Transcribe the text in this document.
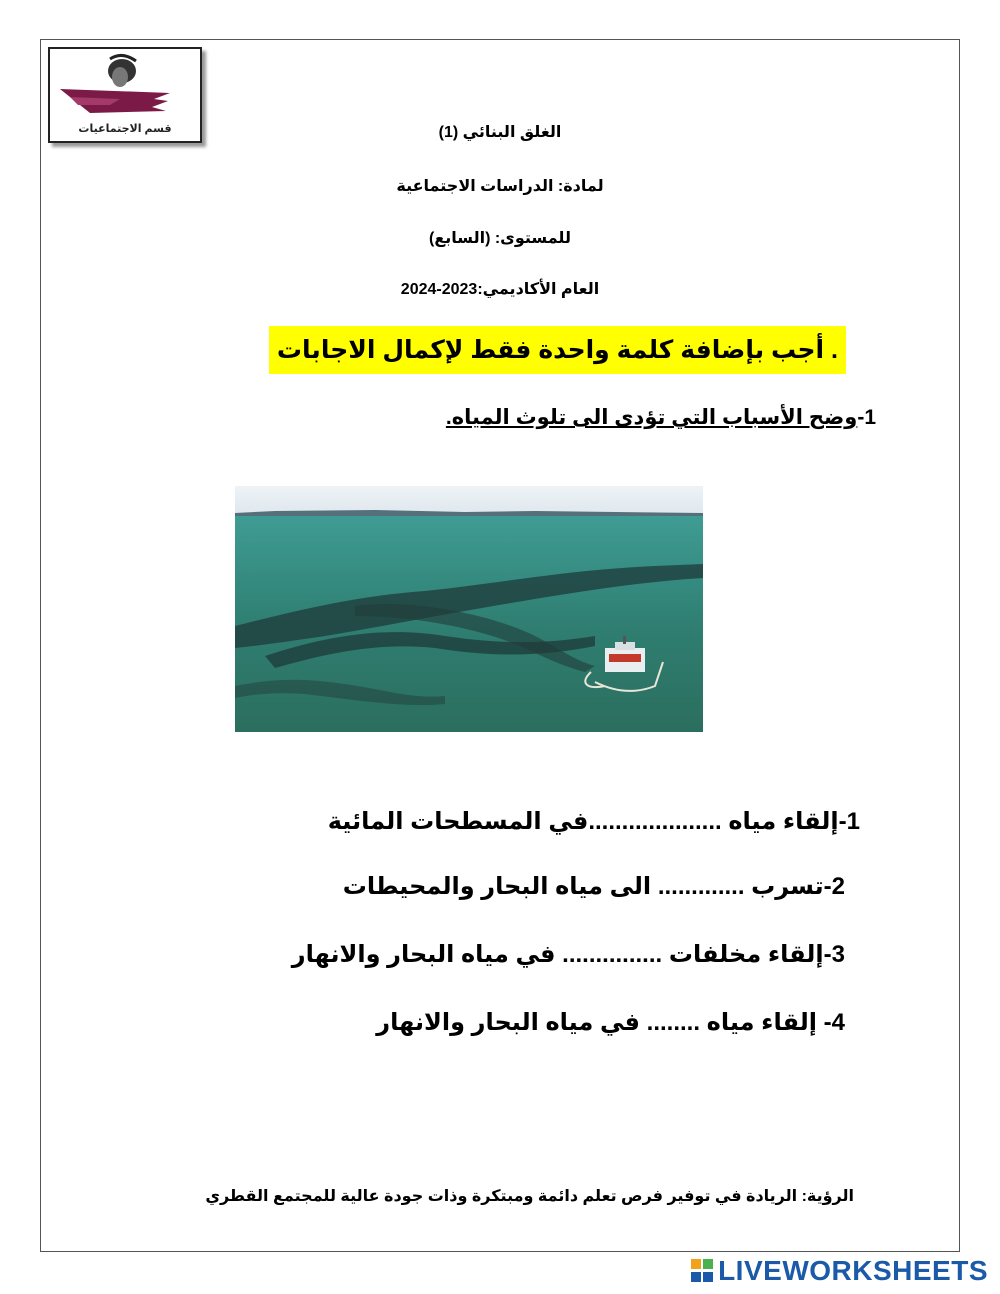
قسم الاجتماعيات	الغلق البنائي (1)
لمادة: الدراسات الاجتماعية
للمستوى: (السابع)
العام الأكاديمي:2023-2024
. أجب بإضافة كلمة واحدة فقط لإكمال الاجابات
1-وضح الأسباب التي تؤدى الى تلوث المياه.
1-إلقاء مياه ....................في المسطحات المائية
2-تسرب ............. الى مياه البحار والمحيطات
3-إلقاء مخلفات ............... في مياه البحار والانهار
4- إلقاء مياه ........ في مياه البحار والانهار
الرؤية: الريادة في توفير فرص تعلم دائمة ومبتكرة وذات جودة عالية للمجتمع القطري
LIVEWORKSHEETS
